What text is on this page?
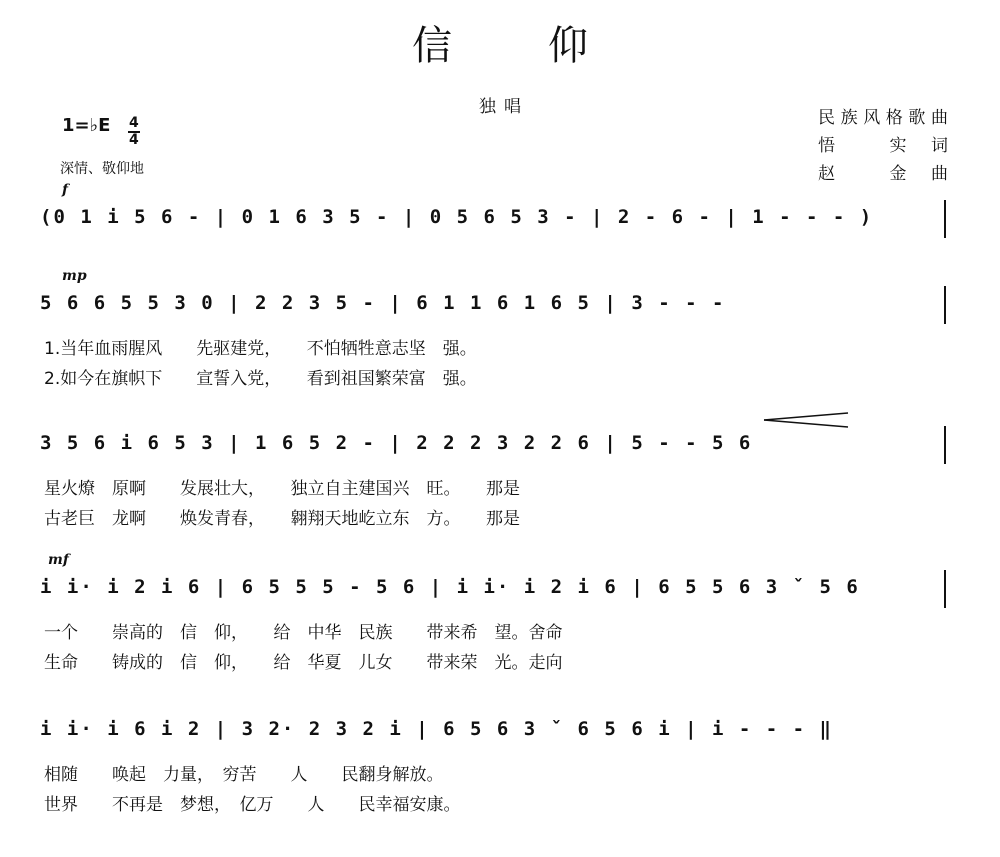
信仰
独唱
民族风格歌曲
悟 实词
赵 金曲
1=♭E 4
4
深情、敬仰地
f
(0 1 i 5 6 - | 0 1 6 3 5 - | 0 5 6 5 3 - | 2 - 6 - | 1 - - - )
mp
5 6 6 5 5 3 0 | 2 2 3 5 - | 6 1 1 6 1 6 5 | 3 - - -
1.当年血雨腥风　　先驱建党，　　不怕牺牲意志坚　强。
2.如今在旗帜下　　宣誓入党，　　看到祖国繁荣富　强。
3 5 6 i 6 5 3 | 1 6 5 2 - | 2 2 2 3 2 2 6 | 5 - - 5 6
星火燎　原啊　　发展壮大，　　独立自主建国兴　旺。　　那是
古老巨　龙啊　　焕发青春，　　翱翔天地屹立东　方。　　那是
mf
i i· i 2 i 6 | 6 5 5 5 - 5 6 | i i· i 2 i 6 | 6 5 5 6 3 ˇ 5 6
一个　　崇高的　信　仰，　　给　中华　民族　　带来希　望。舍命
生命　　铸成的　信　仰，　　给　华夏　儿女　　带来荣　光。走向
i i· i 6 i 2 | 3 2· 2 3 2 i | 6 5 6 3 ˇ 6 5 6 i | i - - - ‖
相随　　唤起　力量，　穷苦　　人　　民翻身解放。
世界　　不再是　梦想，　亿万　　人　　民幸福安康。
